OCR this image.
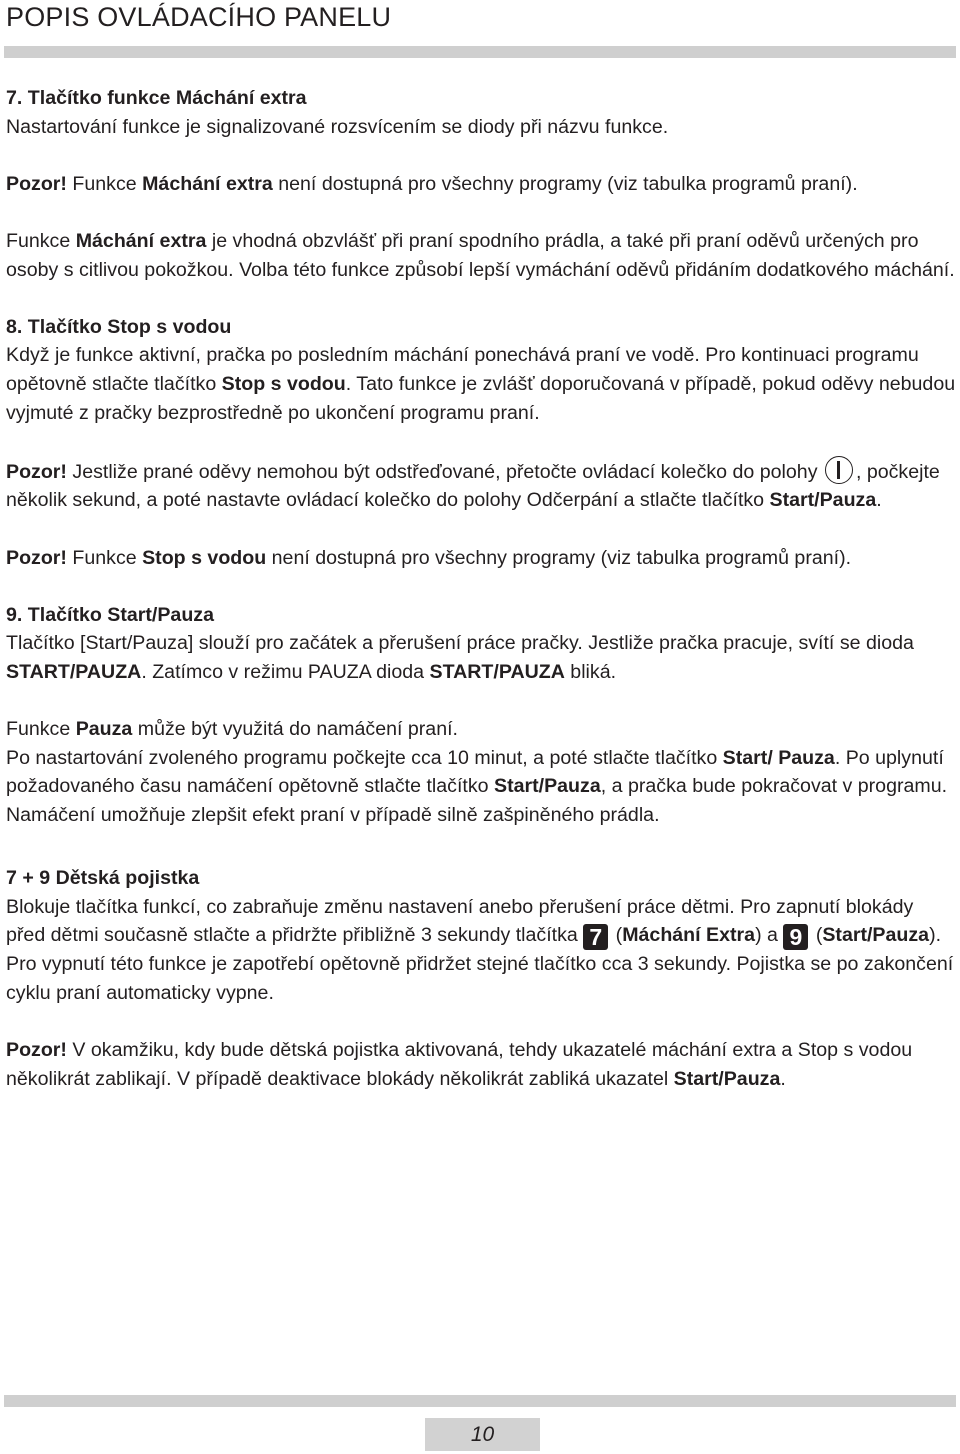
POPIS OVLÁDACÍHO PANELU

7. Tlačítko funkce Máchání extra

Nastartování funkce je signalizované rozsvícením se diody při názvu funkce.

Pozor! Funkce Máchání extra není dostupná pro všechny programy (viz tabulka programů praní).

Funkce Máchání extra je vhodná obzvlášť při praní spodního prádla, a také při praní oděvů určených pro osoby s citlivou pokožkou. Volba této funkce způsobí lepší vymáchání oděvů přidáním dodatkového máchání.

8. Tlačítko Stop s vodou

Když je funkce aktivní, pračka po posledním máchání ponechává praní ve vodě. Pro kontinuaci programu opětovně stlačte tlačítko Stop s vodou. Tato funkce je zvlášť doporučovaná v případě, pokud oděvy nebudou vyjmuté z pračky bezprostředně po ukončení programu praní.

Pozor! Jestliže prané oděvy nemohou být odstřeďované, přetočte ovládací kolečko do polohy , počkejte několik sekund, a poté nastavte ovládací kolečko do polohy Odčerpání a stlačte tlačítko Start/Pauza.

Pozor! Funkce Stop s vodou není dostupná pro všechny programy (viz tabulka programů praní).

9. Tlačítko Start/Pauza

Tlačítko [Start/Pauza] slouží pro začátek a přerušení práce pračky. Jestliže pračka pracuje, svítí se dioda START/PAUZA. Zatímco v režimu PAUZA dioda START/PAUZA bliká.

Funkce Pauza může být využitá do namáčení praní.

Po nastartování zvoleného programu počkejte cca 10 minut, a poté stlačte tlačítko Start/ Pauza. Po uplynutí požadovaného času namáčení opětovně stlačte tlačítko Start/Pauza, a pračka bude pokračovat v programu. Namáčení umožňuje zlepšit efekt praní v případě silně zašpiněného prádla.

7 + 9 Dětská pojistka

Blokuje tlačítka funkcí, co zabraňuje změnu nastavení anebo přerušení práce dětmi. Pro zapnutí blokády před dětmi současně stlačte a přidržte přibližně 3 sekundy tlačítka 7 (Máchání Extra) a 9 (Start/Pauza). Pro vypnutí této funkce je zapotřebí opětovně přidržet stejné tlačítko cca 3 sekundy. Pojistka se po zakončení cyklu praní automaticky vypne.

Pozor! V okamžiku, kdy bude dětská pojistka aktivovaná, tehdy ukazatelé máchání extra a Stop s vodou několikrát zablikají. V případě deaktivace blokády několikrát zabliká ukazatel Start/Pauza.

10
